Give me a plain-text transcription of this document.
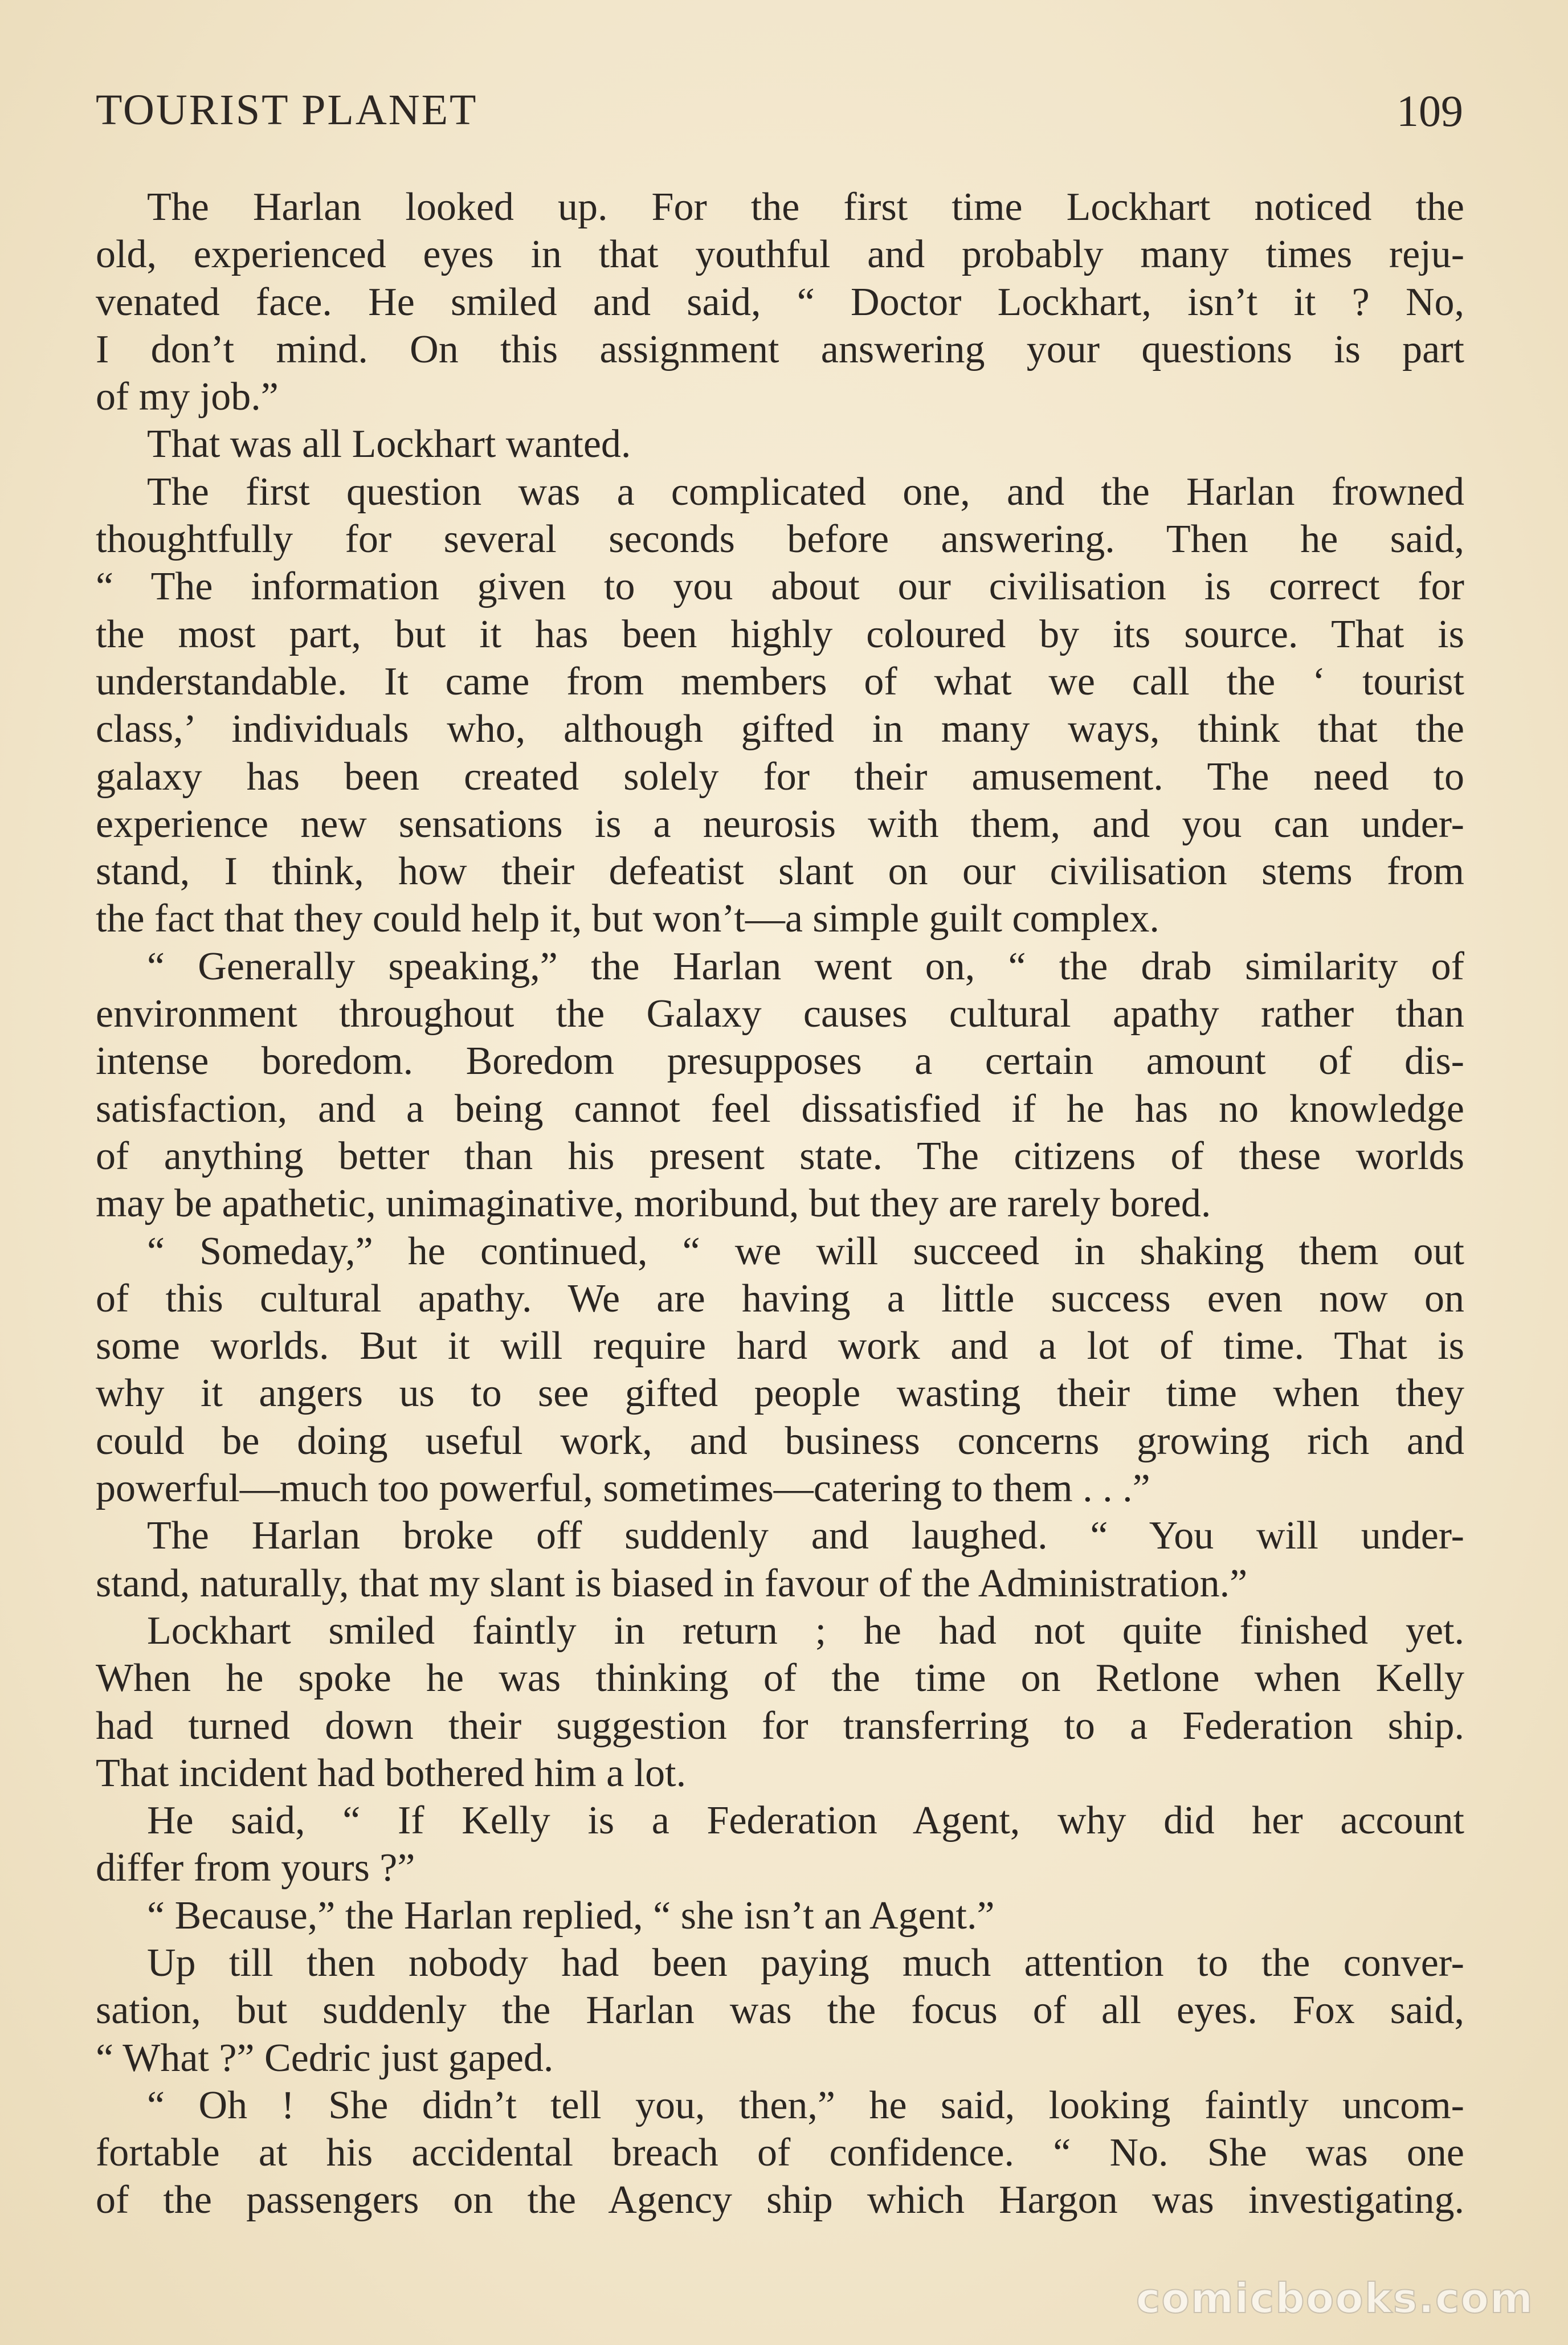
TOURIST PLANET	109
The Harlan looked up. For the first time Lockhart noticed the
old, experienced eyes in that youthful and probably many times reju-
venated face. He smiled and said, “ Doctor Lockhart, isn’t it ? No,
I don’t mind. On this assignment answering your questions is part
of my job.”
That was all Lockhart wanted.
The first question was a complicated one, and the Harlan frowned
thoughtfully for several seconds before answering. Then he said,
“ The information given to you about our civilisation is correct for
the most part, but it has been highly coloured by its source. That is
understandable. It came from members of what we call the ‘ tourist
class,’ individuals who, although gifted in many ways, think that the
galaxy has been created solely for their amusement. The need to
experience new sensations is a neurosis with them, and you can under-
stand, I think, how their defeatist slant on our civilisation stems from
the fact that they could help it, but won’t—a simple guilt complex.
“ Generally speaking,” the Harlan went on, “ the drab similarity of
environment throughout the Galaxy causes cultural apathy rather than
intense boredom. Boredom presupposes a certain amount of dis-
satisfaction, and a being cannot feel dissatisfied if he has no knowledge
of anything better than his present state. The citizens of these worlds
may be apathetic, unimaginative, moribund, but they are rarely bored.
“ Someday,” he continued, “ we will succeed in shaking them out
of this cultural apathy. We are having a little success even now on
some worlds. But it will require hard work and a lot of time. That is
why it angers us to see gifted people wasting their time when they
could be doing useful work, and business concerns growing rich and
powerful—much too powerful, sometimes—catering to them . . .”
The Harlan broke off suddenly and laughed. “ You will under-
stand, naturally, that my slant is biased in favour of the Administration.”
Lockhart smiled faintly in return ; he had not quite finished yet.
When he spoke he was thinking of the time on Retlone when Kelly
had turned down their suggestion for transferring to a Federation ship.
That incident had bothered him a lot.
He said, “ If Kelly is a Federation Agent, why did her account
differ from yours ?”
“ Because,” the Harlan replied, “ she isn’t an Agent.”
Up till then nobody had been paying much attention to the conver-
sation, but suddenly the Harlan was the focus of all eyes. Fox said,
“ What ?” Cedric just gaped.
“ Oh ! She didn’t tell you, then,” he said, looking faintly uncom-
fortable at his accidental breach of confidence. “ No. She was one
of the passengers on the Agency ship which Hargon was investigating.
comicbooks.com
